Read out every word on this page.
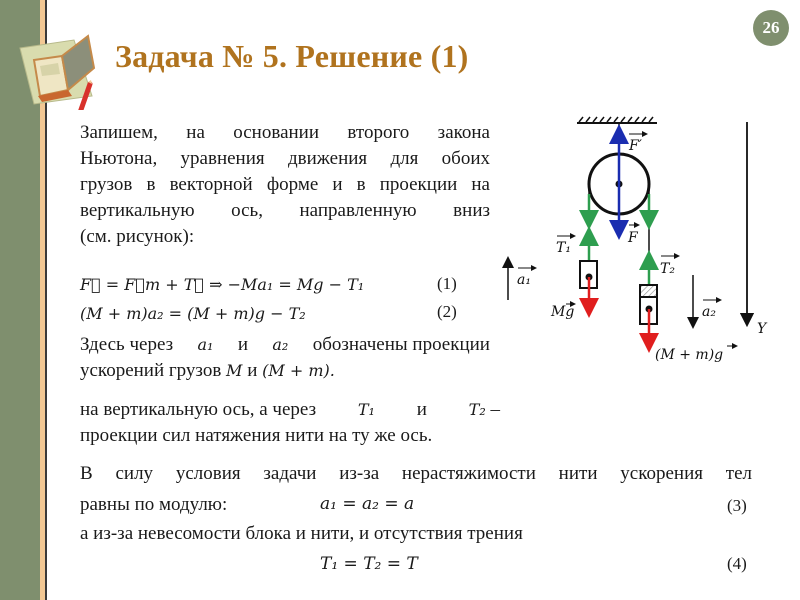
Задача № 5. Решение (1)
26
Запишем, на основании второго закона
Ньютона, уравнения движения для обоих
грузов в векторной форме и в проекции на
вертикальную ось, направленную вниз
(см. рисунок):
F⃗ = F⃗т + T⃗ ⇒ −Ma₁ = Mg − T₁	(1)
(M + m)a₂ = (M + m)g − T₂	(2)
Здесь через a₁ и a₂ обозначены проекции
ускорений грузов M и (M + m).
на вертикальную ось, а через	T₁ и	T₂ –
проекции сил натяжения нити на ту же ось.
В силу условия задачи из-за нерастяжимости нити ускорения тел
равны по модулю:	a₁ = a₂ = a	(3)
а из-за невесомости блока и нити, и отсутствия трения
T₁ = T₂ = T	(4)
F′
F
T₁
T₂
a₁
a₂
Mg
(M + m)g
Y
